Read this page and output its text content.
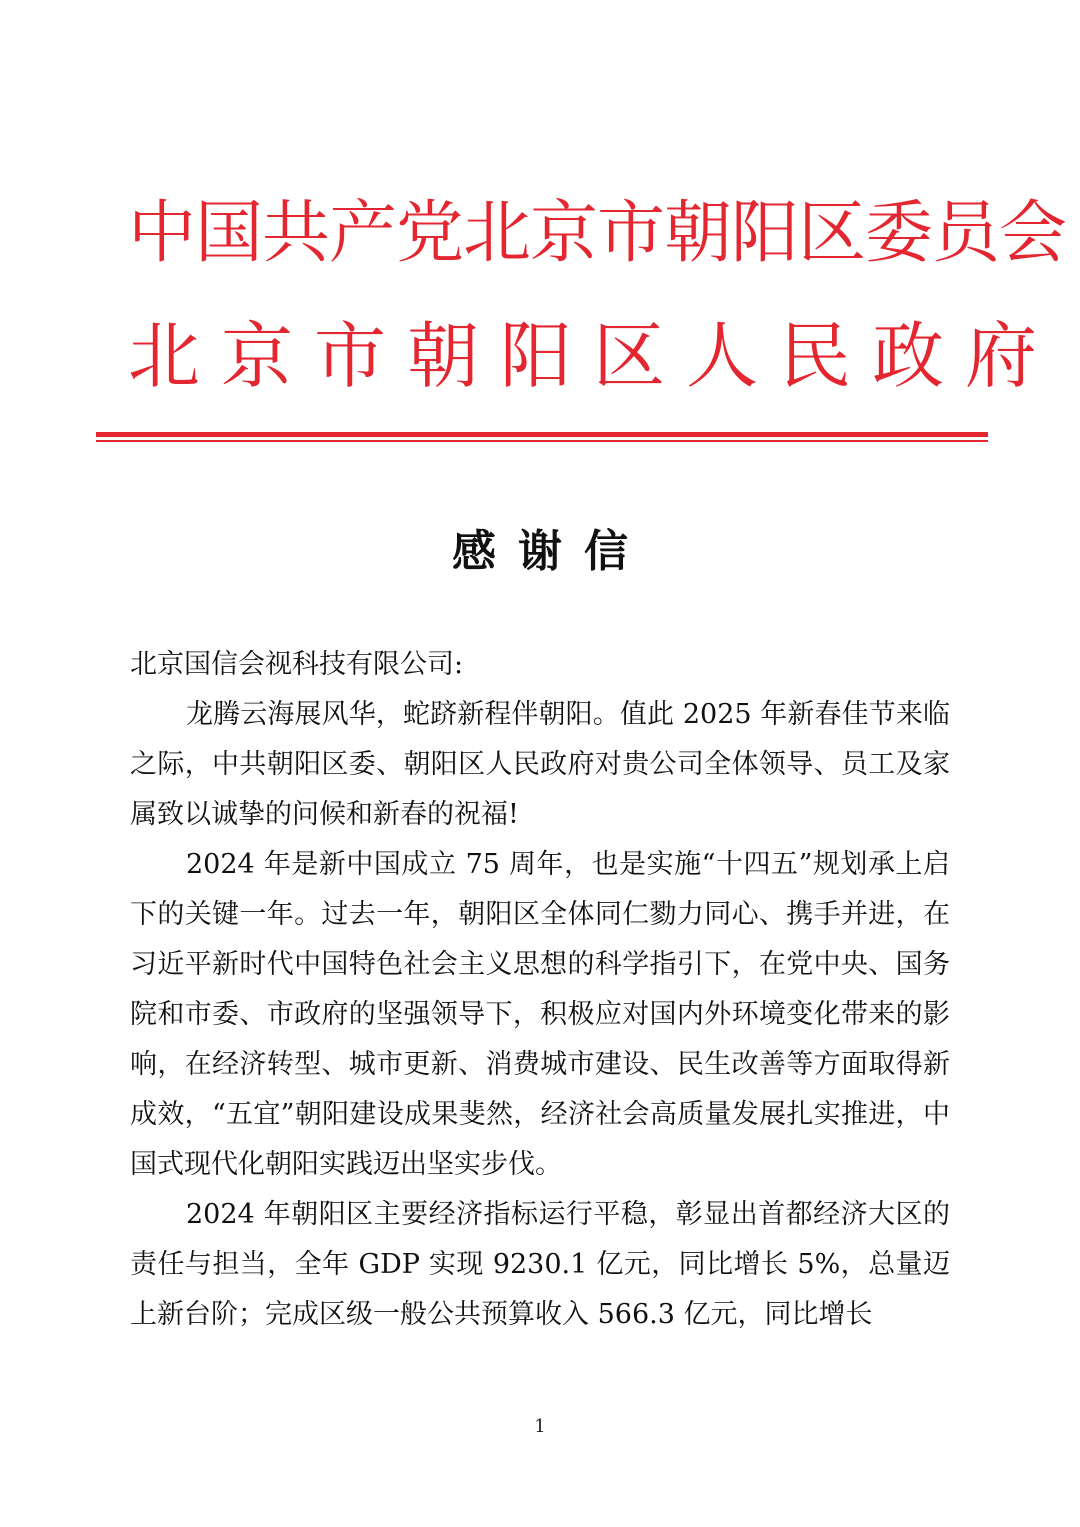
中国共产党北京市朝阳区委员会
北京市朝阳区人民政府
感谢信

北京国信会视科技有限公司:

龙腾云海展风华，蛇跻新程伴朝阳。值此 2025 年新春佳节来临之际，中共朝阳区委、朝阳区人民政府对贵公司全体领导、员工及家属致以诚挚的问候和新春的祝福!

2024 年是新中国成立 75 周年，也是实施“十四五”规划承上启下的关键一年。过去一年，朝阳区全体同仁勠力同心、携手并进，在习近平新时代中国特色社会主义思想的科学指引下，在党中央、国务院和市委、市政府的坚强领导下，积极应对国内外环境变化带来的影响，在经济转型、城市更新、消费城市建设、民生改善等方面取得新成效，“五宜”朝阳建设成果斐然，经济社会高质量发展扎实推进，中国式现代化朝阳实践迈出坚实步伐。

2024 年朝阳区主要经济指标运行平稳，彰显出首都经济大区的责任与担当，全年 GDP 实现 9230.1 亿元，同比增长 5%，总量迈上新台阶；完成区级一般公共预算收入 566.3 亿元，同比增长

1
